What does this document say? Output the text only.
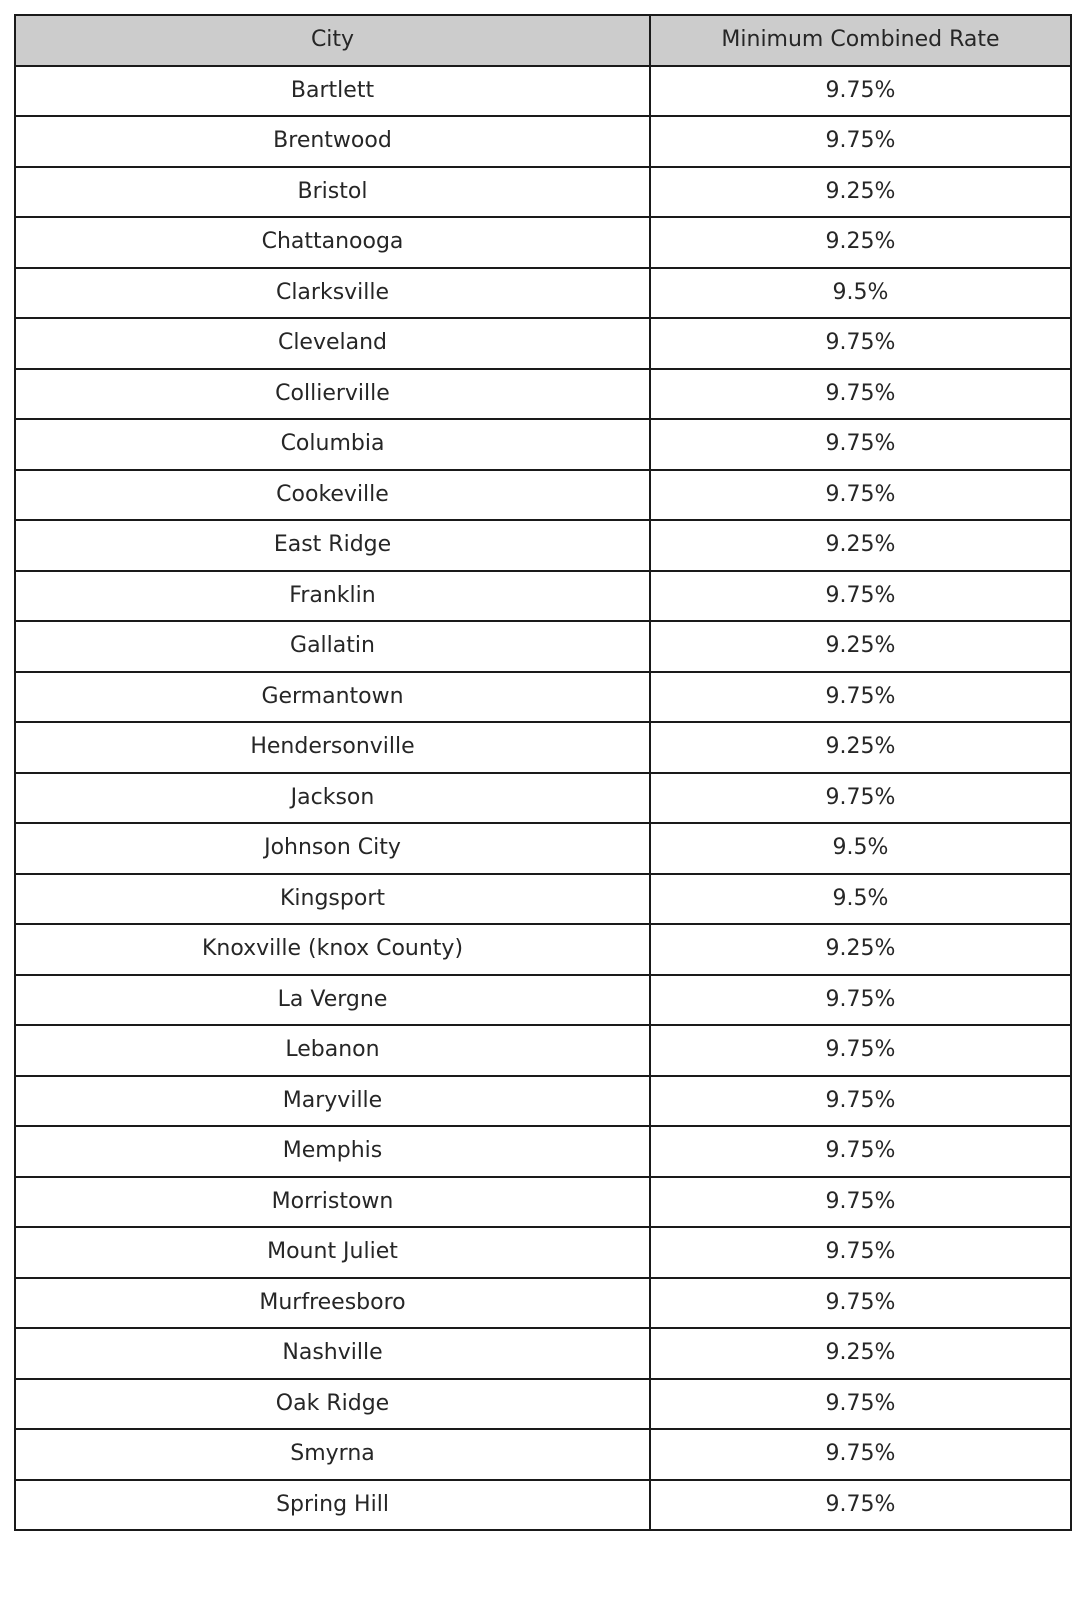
City	Minimum Combined Rate
Bartlett	9.75%
Brentwood	9.75%
Bristol	9.25%
Chattanooga	9.25%
Clarksville	9.5%
Cleveland	9.75%
Collierville	9.75%
Columbia	9.75%
Cookeville	9.75%
East Ridge	9.25%
Franklin	9.75%
Gallatin	9.25%
Germantown	9.75%
Hendersonville	9.25%
Jackson	9.75%
Johnson City	9.5%
Kingsport	9.5%
Knoxville (knox County)	9.25%
La Vergne	9.75%
Lebanon	9.75%
Maryville	9.75%
Memphis	9.75%
Morristown	9.75%
Mount Juliet	9.75%
Murfreesboro	9.75%
Nashville	9.25%
Oak Ridge	9.75%
Smyrna	9.75%
Spring Hill	9.75%
